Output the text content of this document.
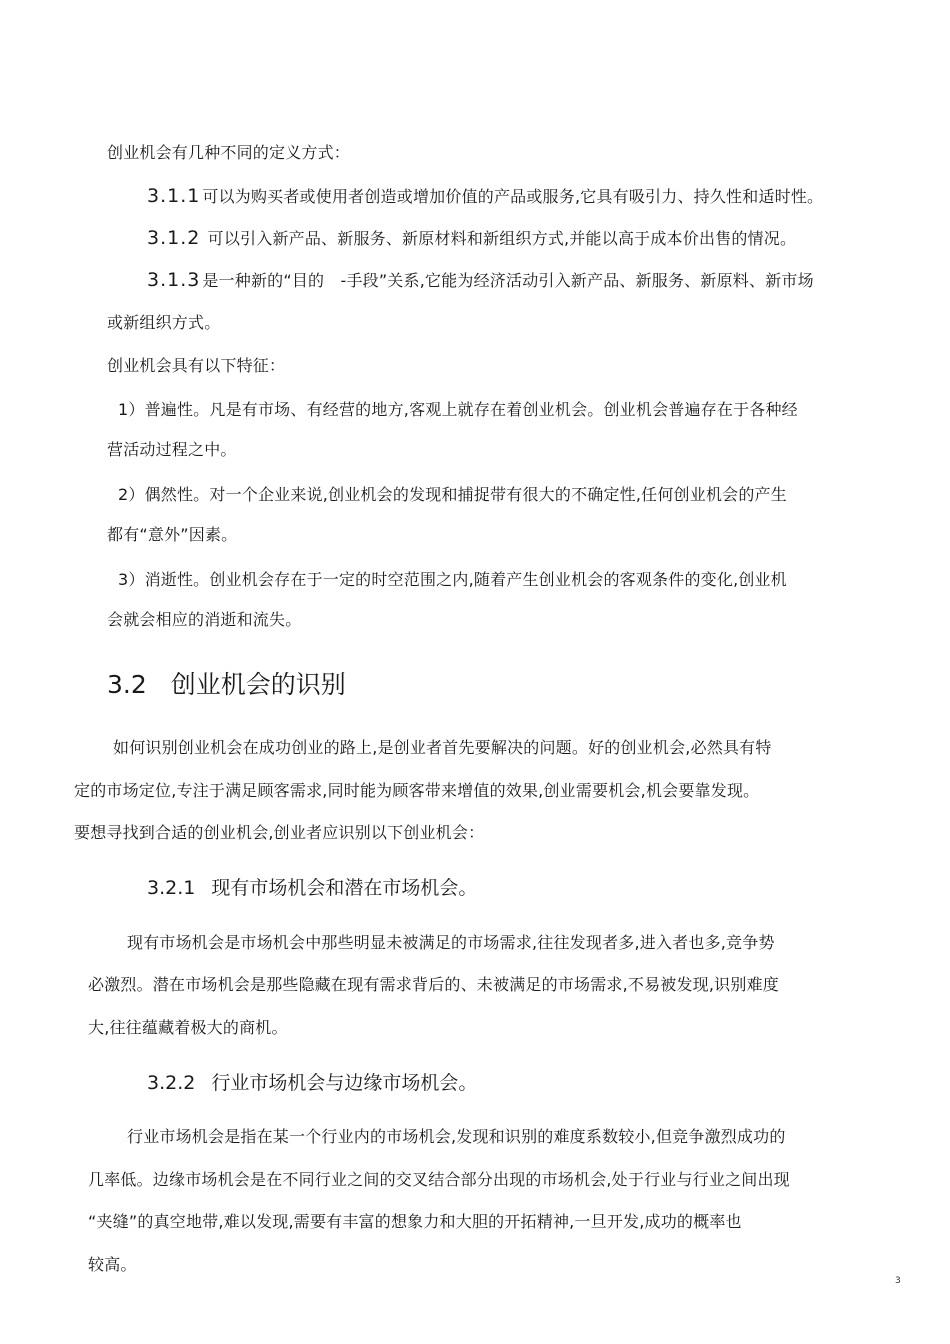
创业机会有几种不同的定义方式：
3.1.1 可以为购买者或使用者创造或增加价值的产品或服务,它具有吸引力、持久性和适时性。
3.1.2 可以引入新产品、新服务、新原材料和新组织方式,并能以高于成本价出售的情况。
3.1.3 是一种新的“目的　-手段”关系,它能为经济活动引入新产品、新服务、新原料、新市场
或新组织方式。
创业机会具有以下特征：
1）普遍性。凡是有市场、有经营的地方,客观上就存在着创业机会。创业机会普遍存在于各种经
营活动过程之中。
2）偶然性。对一个企业来说,创业机会的发现和捕捉带有很大的不确定性,任何创业机会的产生
都有“意外”因素。
3）消逝性。创业机会存在于一定的时空范围之内,随着产生创业机会的客观条件的变化,创业机
会就会相应的消逝和流失。
3.2 创业机会的识别
如何识别创业机会在成功创业的路上,是创业者首先要解决的问题。好的创业机会,必然具有特
定的市场定位,专注于满足顾客需求,同时能为顾客带来增值的效果,创业需要机会,机会要靠发现。
要想寻找到合适的创业机会,创业者应识别以下创业机会：
3.2.1 现有市场机会和潜在市场机会。
现有市场机会是市场机会中那些明显未被满足的市场需求,往往发现者多,进入者也多,竞争势
必激烈。潜在市场机会是那些隐藏在现有需求背后的、未被满足的市场需求,不易被发现,识别难度
大,往往蕴藏着极大的商机。
3.2.2 行业市场机会与边缘市场机会。
行业市场机会是指在某一个行业内的市场机会,发现和识别的难度系数较小,但竞争激烈成功的
几率低。边缘市场机会是在不同行业之间的交叉结合部分出现的市场机会,处于行业与行业之间出现
“夹缝”的真空地带,难以发现,需要有丰富的想象力和大胆的开拓精神,一旦开发,成功的概率也
较高。
3
